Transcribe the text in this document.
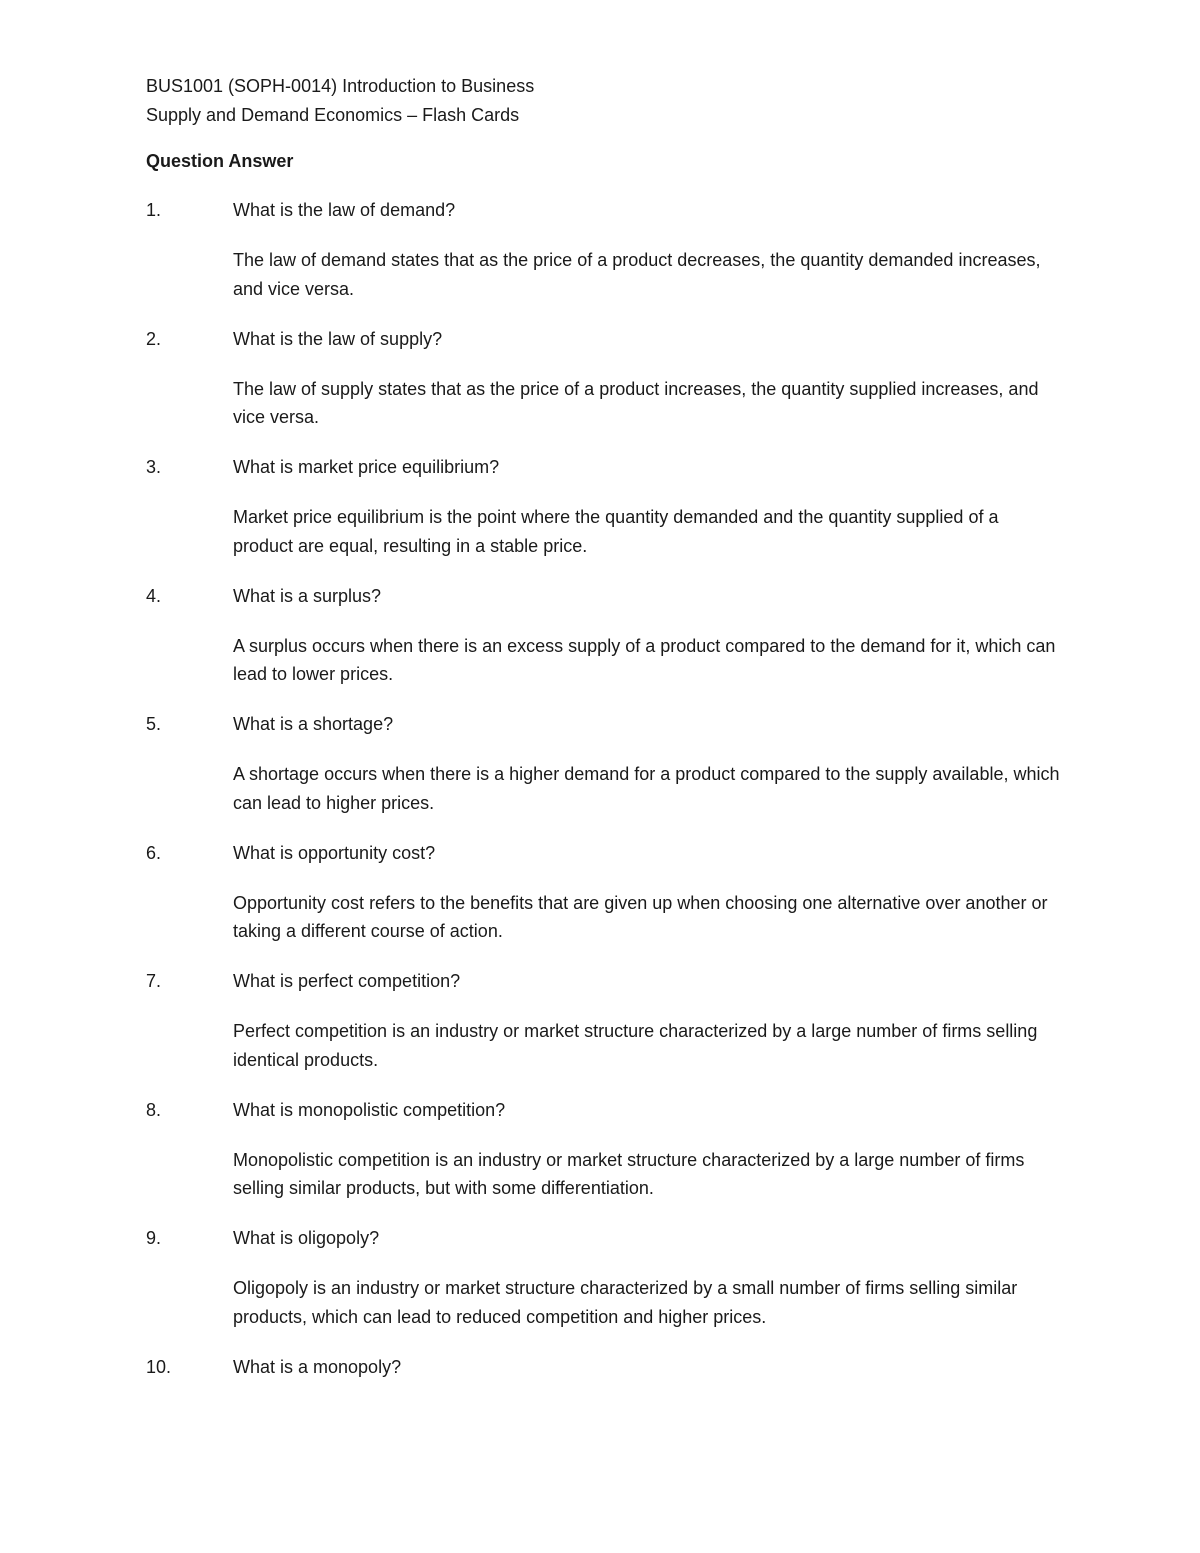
BUS1001 (SOPH-0014) Introduction to Business
Supply and Demand Economics – Flash Cards
Question Answer
1.	What is the law of demand?
The law of demand states that as the price of a product decreases, the quantity demanded increases, and vice versa.
2.	What is the law of supply?
The law of supply states that as the price of a product increases, the quantity supplied increases, and vice versa.
3.	What is market price equilibrium?
Market price equilibrium is the point where the quantity demanded and the quantity supplied of a product are equal, resulting in a stable price.
4.	What is a surplus?
A surplus occurs when there is an excess supply of a product compared to the demand for it, which can lead to lower prices.
5.	What is a shortage?
A shortage occurs when there is a higher demand for a product compared to the supply available, which can lead to higher prices.
6.	What is opportunity cost?
Opportunity cost refers to the benefits that are given up when choosing one alternative over another or taking a different course of action.
7.	What is perfect competition?
Perfect competition is an industry or market structure characterized by a large number of firms selling identical products.
8.	What is monopolistic competition?
Monopolistic competition is an industry or market structure characterized by a large number of firms selling similar products, but with some differentiation.
9.	What is oligopoly?
Oligopoly is an industry or market structure characterized by a small number of firms selling similar products, which can lead to reduced competition and higher prices.
10.	What is a monopoly?
